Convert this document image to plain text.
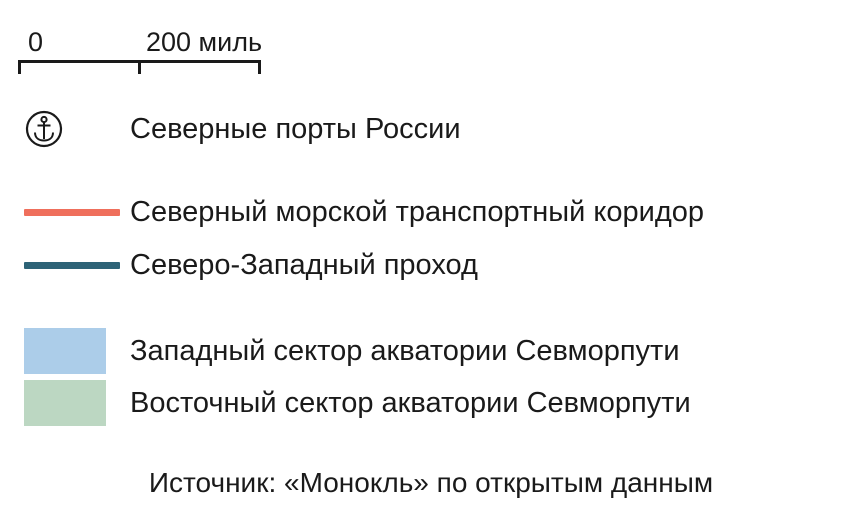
0	200 миль
Северные порты России
Северный морской транспортный коридор
Северо-Западный проход
Западный сектор акватории Севморпути
Восточный сектор акватории Севморпути
Источник: «Монокль» по открытым данным
